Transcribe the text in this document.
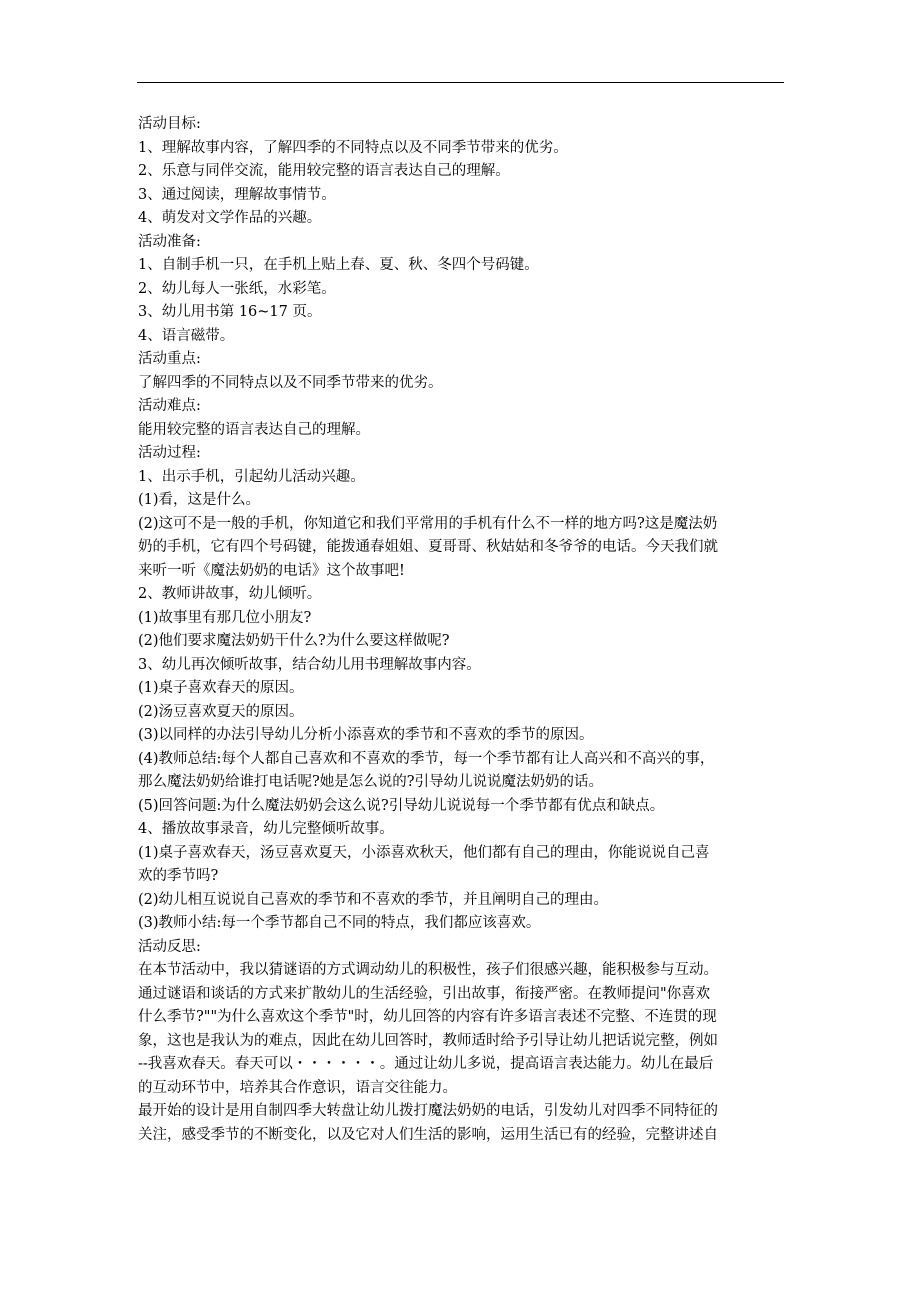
活动目标:
1、理解故事内容，了解四季的不同特点以及不同季节带来的优劣。
2、乐意与同伴交流，能用较完整的语言表达自己的理解。
3、通过阅读，理解故事情节。
4、萌发对文学作品的兴趣。
活动准备:
1、自制手机一只，在手机上贴上春、夏、秋、冬四个号码键。
2、幼儿每人一张纸，水彩笔。
3、幼儿用书第 16~17 页。
4、语言磁带。
活动重点:
了解四季的不同特点以及不同季节带来的优劣。
活动难点:
能用较完整的语言表达自己的理解。
活动过程:
1、出示手机，引起幼儿活动兴趣。
(1)看，这是什么。
(2)这可不是一般的手机，你知道它和我们平常用的手机有什么不一样的地方吗?这是魔法奶
奶的手机，它有四个号码键，能拨通春姐姐、夏哥哥、秋姑姑和冬爷爷的电话。今天我们就
来听一听《魔法奶奶的电话》这个故事吧!
2、教师讲故事，幼儿倾听。
(1)故事里有那几位小朋友?
(2)他们要求魔法奶奶干什么?为什么要这样做呢?
3、幼儿再次倾听故事，结合幼儿用书理解故事内容。
(1)桌子喜欢春天的原因。
(2)汤豆喜欢夏天的原因。
(3)以同样的办法引导幼儿分析小添喜欢的季节和不喜欢的季节的原因。
(4)教师总结:每个人都自己喜欢和不喜欢的季节，每一个季节都有让人高兴和不高兴的事，
那么魔法奶奶给谁打电话呢?她是怎么说的?引导幼儿说说魔法奶奶的话。
(5)回答问题:为什么魔法奶奶会这么说?引导幼儿说说每一个季节都有优点和缺点。
4、播放故事录音，幼儿完整倾听故事。
(1)桌子喜欢春天，汤豆喜欢夏天，小添喜欢秋天，他们都有自己的理由，你能说说自己喜
欢的季节吗?
(2)幼儿相互说说自己喜欢的季节和不喜欢的季节，并且阐明自己的理由。
(3)教师小结:每一个季节都自己不同的特点，我们都应该喜欢。
活动反思:
在本节活动中，我以猜谜语的方式调动幼儿的积极性，孩子们很感兴趣，能积极参与互动。
通过谜语和谈话的方式来扩散幼儿的生活经验，引出故事，衔接严密。在教师提问"你喜欢
什么季节?""为什么喜欢这个季节"时，幼儿回答的内容有许多语言表述不完整、不连贯的现
象，这也是我认为的难点，因此在幼儿回答时，教师适时给予引导让幼儿把话说完整，例如
--我喜欢春天。春天可以・・・・・・。通过让幼儿多说，提高语言表达能力。幼儿在最后
的互动环节中，培养其合作意识，语言交往能力。
最开始的设计是用自制四季大转盘让幼儿拨打魔法奶奶的电话，引发幼儿对四季不同特征的
关注，感受季节的不断变化，以及它对人们生活的影响，运用生活已有的经验，完整讲述自
